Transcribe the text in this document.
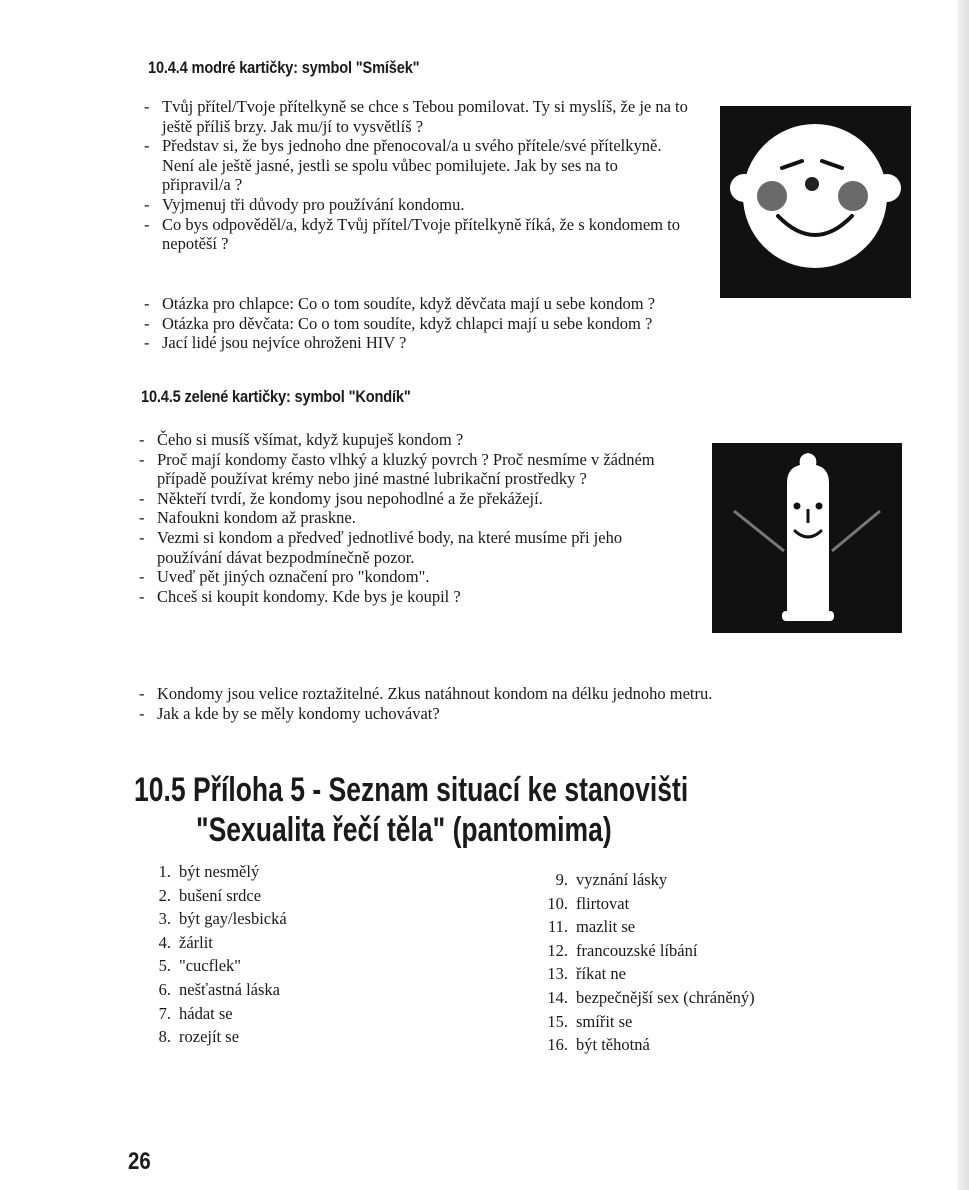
10.4.4 modré kartičky: symbol "Smíšek"
- Tvůj přítel/Tvoje přítelkyně se chce s Tebou pomilovat. Ty si myslíš, že je na to ještě příliš brzy. Jak mu/jí to vysvětlíš ?
- Představ si, že bys jednoho dne přenocoval/a u svého přítele/své přítelkyně. Není ale ještě jasné, jestli se spolu vůbec pomilujete. Jak by ses na to připravil/a ?
- Vyjmenuj tři důvody pro používání kondomu.
- Co bys odpověděl/a, když Tvůj přítel/Tvoje přítelkyně říká, že s kondomem to nepotěší ?
- Otázka pro chlapce: Co o tom soudíte, když děvčata mají u sebe kondom ?
- Otázka pro děvčata: Co o tom soudíte, když chlapci mají u sebe kondom ?
- Jací lidé jsou nejvíce ohroženi HIV ?
10.4.5 zelené kartičky: symbol "Kondík"
- Čeho si musíš všímat, když kupuješ kondom ?
- Proč mají kondomy často vlhký a kluzký povrch ? Proč nesmíme v žádném případě používat krémy nebo jiné mastné lubrikační prostředky ?
- Někteří tvrdí, že kondomy jsou nepohodlné a že překážejí.
- Nafoukni kondom až praskne.
- Vezmi si kondom a předveď jednotlivé body, na které musíme při jeho používání dávat bezpodmínečně pozor.
- Uveď pět jiných označení pro "kondom".
- Chceš si koupit kondomy. Kde bys je koupil ?
- Kondomy jsou velice roztažitelné. Zkus natáhnout kondom na délku jednoho metru.
- Jak a kde by se měly kondomy uchovávat?
10.5 Příloha 5 - Seznam situací ke stanovišti
"Sexualita řečí těla" (pantomima)
1. být nesmělý
2. bušení srdce
3. být gay/lesbická
4. žárlit
5. "cucflek"
6. nešťastná láska
7. hádat se
8. rozejít se
9. vyznání lásky
10. flirtovat
11. mazlit se
12. francouzské líbání
13. říkat ne
14. bezpečnější sex (chráněný)
15. smířit se
16. být těhotná
26
